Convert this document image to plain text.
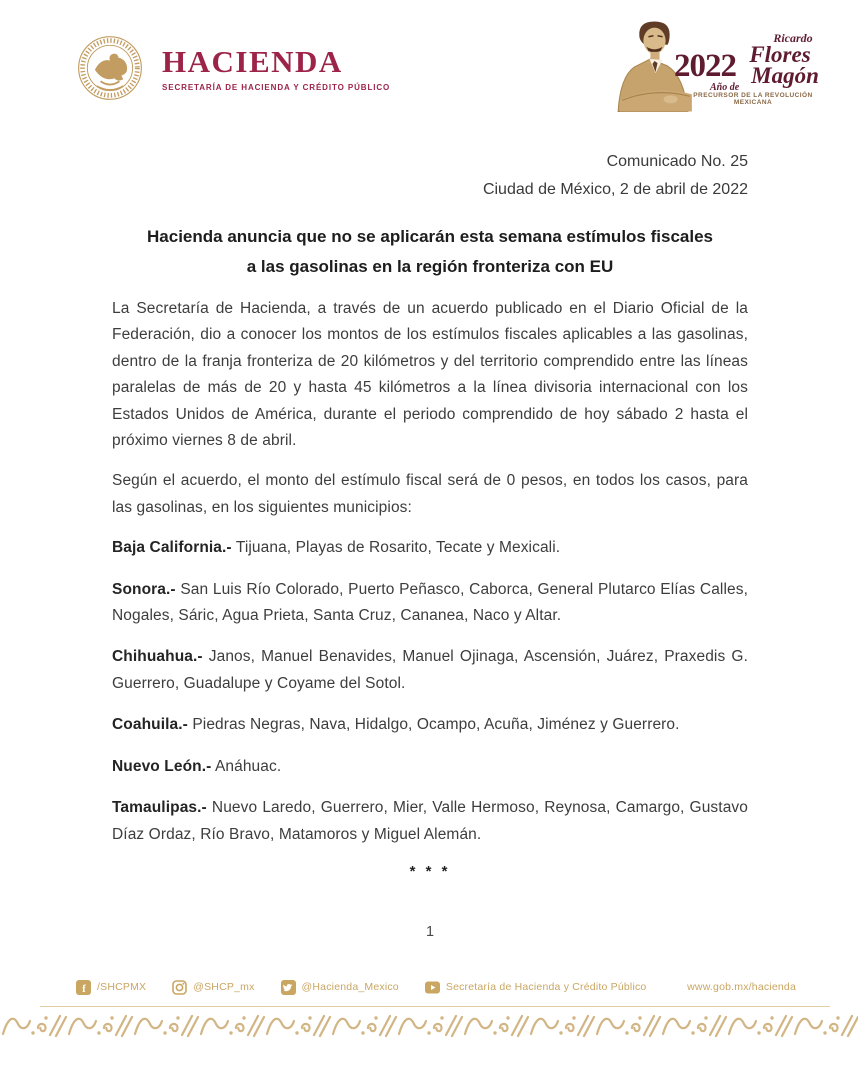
HACIENDA
SECRETARÍA DE HACIENDA Y CRÉDITO PÚBLICO
2022
Año de
Ricardo
Flores
Magón
PRECURSOR DE LA REVOLUCIÓN MEXICANA
Comunicado No. 25
Ciudad de México, 2 de abril de 2022
Hacienda anuncia que no se aplicarán esta semana estímulos fiscales
a las gasolinas en la región fronteriza con EU

La Secretaría de Hacienda, a través de un acuerdo publicado en el Diario Oficial de la Federación, dio a conocer los montos de los estímulos fiscales aplicables a las gasolinas, dentro de la franja fronteriza de 20 kilómetros y del territorio comprendido entre las líneas paralelas de más de 20 y hasta 45 kilómetros a la línea divisoria internacional con los Estados Unidos de América, durante el periodo comprendido de hoy sábado 2 hasta el próximo viernes 8 de abril.

Según el acuerdo, el monto del estímulo fiscal será de 0 pesos, en todos los casos, para las gasolinas, en los siguientes municipios:

Baja California.- Tijuana, Playas de Rosarito, Tecate y Mexicali.

Sonora.- San Luis Río Colorado, Puerto Peñasco, Caborca, General Plutarco Elías Calles, Nogales, Sáric, Agua Prieta, Santa Cruz, Cananea, Naco y Altar.

Chihuahua.- Janos, Manuel Benavides, Manuel Ojinaga, Ascensión, Juárez, Praxedis G. Guerrero, Guadalupe y Coyame del Sotol.

Coahuila.- Piedras Negras, Nava, Hidalgo, Ocampo, Acuña, Jiménez y Guerrero.

Nuevo León.- Anáhuac.

Tamaulipas.- Nuevo Laredo, Guerrero, Mier, Valle Hermoso, Reynosa, Camargo, Gustavo Díaz Ordaz, Río Bravo, Matamoros y Miguel Alemán.

* * *
1
f /SHCPMX	@SHCP_mx	@Hacienda_Mexico	Secretaría de Hacienda y Crédito Público	www.gob.mx/hacienda
